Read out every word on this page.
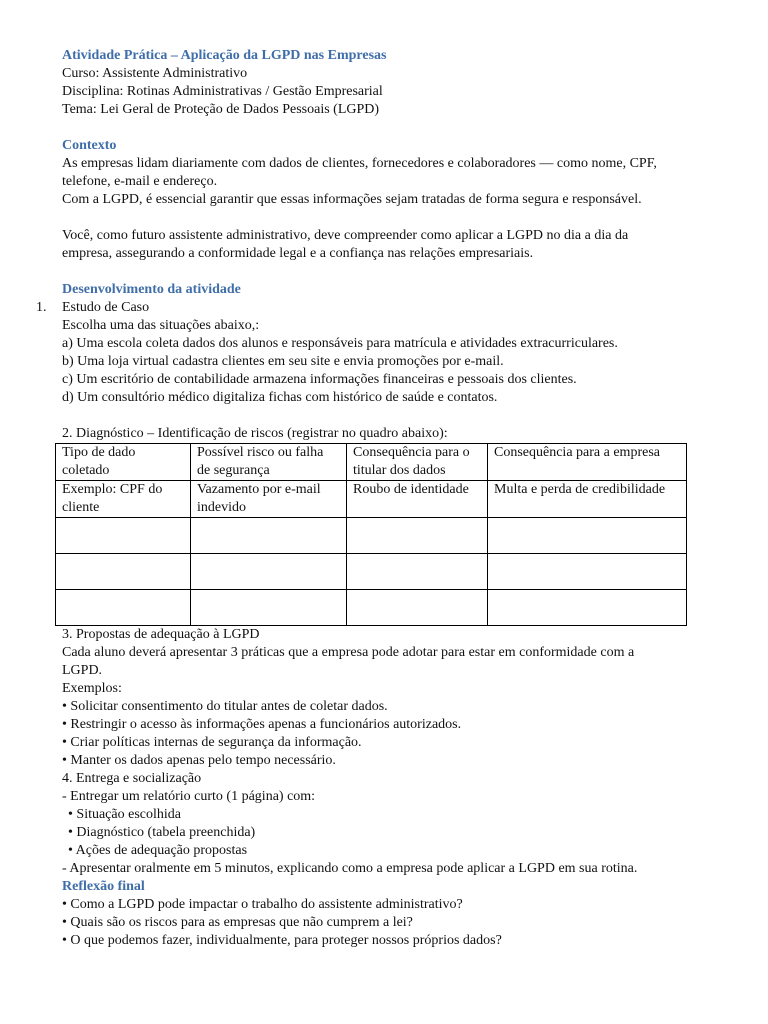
Atividade Prática – Aplicação da LGPD nas Empresas
Curso: Assistente Administrativo
Disciplina: Rotinas Administrativas / Gestão Empresarial
Tema: Lei Geral de Proteção de Dados Pessoais (LGPD)
Contexto
As empresas lidam diariamente com dados de clientes, fornecedores e colaboradores — como nome, CPF,
telefone, e-mail e endereço.
Com a LGPD, é essencial garantir que essas informações sejam tratadas de forma segura e responsável.
Você, como futuro assistente administrativo, deve compreender como aplicar a LGPD no dia a dia da
empresa, assegurando a conformidade legal e a confiança nas relações empresariais.
Desenvolvimento da atividade
1. Estudo de Caso
Escolha uma das situações abaixo,:
a) Uma escola coleta dados dos alunos e responsáveis para matrícula e atividades extracurriculares.
b) Uma loja virtual cadastra clientes em seu site e envia promoções por e-mail.
c) Um escritório de contabilidade armazena informações financeiras e pessoais dos clientes.
d) Um consultório médico digitaliza fichas com histórico de saúde e contatos.
2. Diagnóstico – Identificação de riscos (registrar no quadro abaixo):
Tipo de dado coletado	Possível risco ou falha de segurança	Consequência para o titular dos dados	Consequência para a empresa
Exemplo: CPF do cliente	Vazamento por e-mail indevido	Roubo de identidade	Multa e perda de credibilidade

3. Propostas de adequação à LGPD
Cada aluno deverá apresentar 3 práticas que a empresa pode adotar para estar em conformidade com a
LGPD.
Exemplos:
• Solicitar consentimento do titular antes de coletar dados.
• Restringir o acesso às informações apenas a funcionários autorizados.
• Criar políticas internas de segurança da informação.
• Manter os dados apenas pelo tempo necessário.
4. Entrega e socialização
- Entregar um relatório curto (1 página) com:
• Situação escolhida
• Diagnóstico (tabela preenchida)
• Ações de adequação propostas
- Apresentar oralmente em 5 minutos, explicando como a empresa pode aplicar a LGPD em sua rotina.
Reflexão final
• Como a LGPD pode impactar o trabalho do assistente administrativo?
• Quais são os riscos para as empresas que não cumprem a lei?
• O que podemos fazer, individualmente, para proteger nossos próprios dados?
